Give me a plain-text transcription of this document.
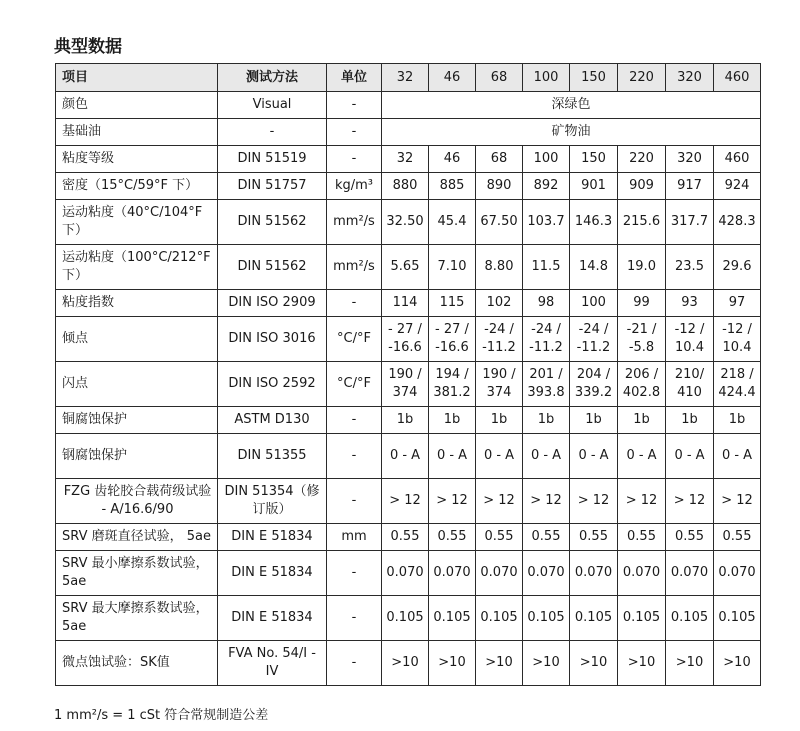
典型数据
项目	测试方法	单位	32	46	68	100	150	220	320	460
颜色	Visual	-	深绿色							
基础油	-	-	矿物油							
粘度等级	DIN 51519	-	32	46	68	100	150	220	320	460
密度（15°C/59°F 下）	DIN 51757	kg/m³	880	885	890	892	901	909	917	924
运动粘度（40°C/104°F 下）	DIN 51562	mm²/s	32.50	45.4	67.50	103.7	146.3	215.6	317.7	428.3
运动粘度（100°C/212°F 下）	DIN 51562	mm²/s	5.65	7.10	8.80	11.5	14.8	19.0	23.5	29.6
粘度指数	DIN ISO 2909	-	114	115	102	98	100	99	93	97
倾点	DIN ISO 3016	°C/°F	- 27 / -16.6	- 27 / -16.6	-24 / -11.2	-24 / -11.2	-24 / -11.2	-21 / -5.8	-12 / 10.4	-12 / 10.4
闪点	DIN ISO 2592	°C/°F	190 / 374	194 / 381.2	190 / 374	201 / 393.8	204 / 339.2	206 / 402.8	210/ 410	218 / 424.4
铜腐蚀保护	ASTM D130	-	1b	1b	1b	1b	1b	1b	1b	1b
钢腐蚀保护	DIN 51355	-	0 - A	0 - A	0 - A	0 - A	0 - A	0 - A	0 - A	0 - A
FZG 齿轮胶合载荷级试验 - A/16.6/90	DIN 51354（修订版）	-	> 12	> 12	> 12	> 12	> 12	> 12	> 12	> 12
SRV 磨斑直径试验， 5ae	DIN E 51834	mm	0.55	0.55	0.55	0.55	0.55	0.55	0.55	0.55
SRV 最小摩擦系数试验， 5ae	DIN E 51834	-	0.070	0.070	0.070	0.070	0.070	0.070	0.070	0.070
SRV 最大摩擦系数试验， 5ae	DIN E 51834	-	0.105	0.105	0.105	0.105	0.105	0.105	0.105	0.105
微点蚀试验：SK值	FVA No. 54/I - IV	-	>10	>10	>10	>10	>10	>10	>10	>10

1 mm²/s = 1 cSt 符合常规制造公差
